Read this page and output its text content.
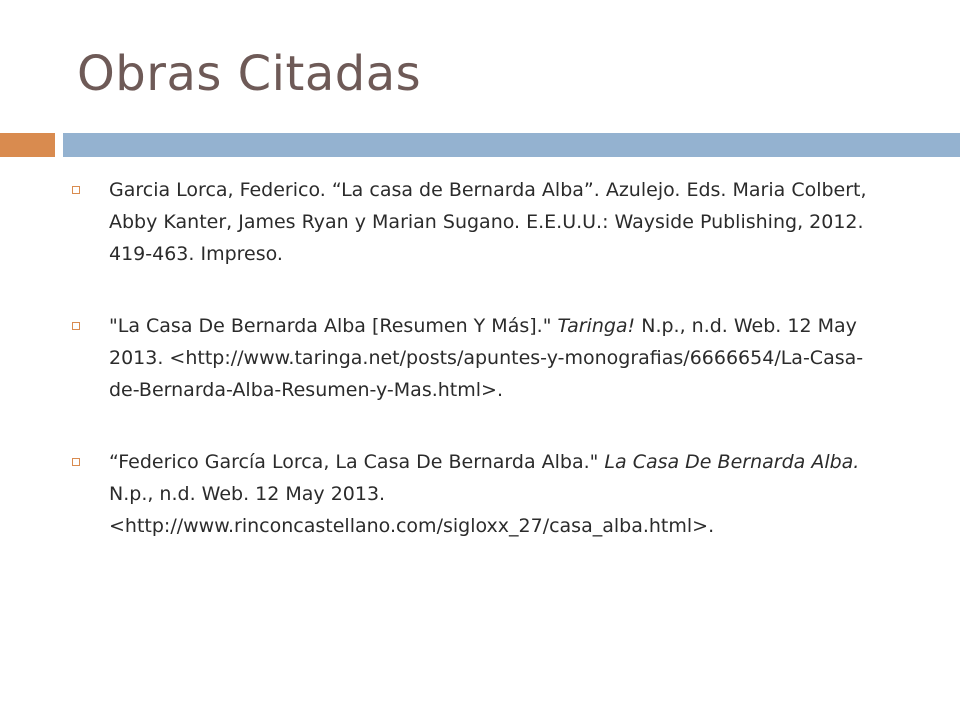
Obras Citadas
Garcia Lorca, Federico. “La casa de Bernarda Alba”. Azulejo. Eds. Maria Colbert,
Abby Kanter, James Ryan y Marian Sugano. E.E.U.U.: Wayside Publishing, 2012.
419-463. Impreso.
"La Casa De Bernarda Alba [Resumen Y Más]." Taringa! N.p., n.d. Web. 12 May
2013. <http://www.taringa.net/posts/apuntes-y-monografias/6666654/La-Casa-
de-Bernarda-Alba-Resumen-y-Mas.html>.
“Federico García Lorca, La Casa De Bernarda Alba." La Casa De Bernarda Alba.
N.p., n.d. Web. 12 May 2013.
<http://www.rinconcastellano.com/sigloxx_27/casa_alba.html>.
